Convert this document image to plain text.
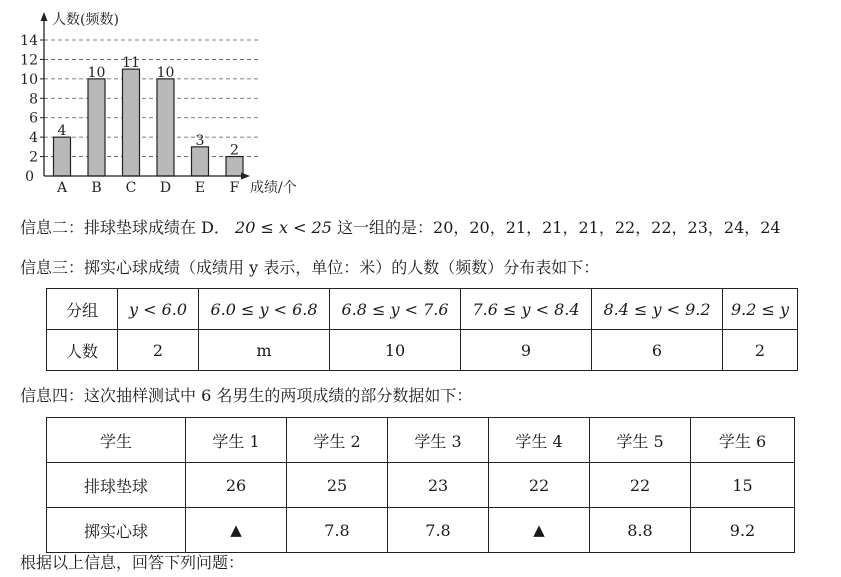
4
A
10
B
11
C
10
D
3
E
2
F
0
2
4
6
8
10
12
14
人数(频数)
成绩/个
信息二：排球垫球成绩在 D． 20 ≤ x < 25 这一组的是：20，20，21，21，21，22，22，23，24，24
信息三：掷实心球成绩（成绩用 y 表示，单位：米）的人数（频数）分布表如下：
分组	y < 6.0	6.0 ≤ y < 6.8	6.8 ≤ y < 7.6	7.6 ≤ y < 8.4	8.4 ≤ y < 9.2	9.2 ≤ y
人数	2	m	10	9	6	2
信息四：这次抽样测试中 6 名男生的两项成绩的部分数据如下：
学生	学生 1	学生 2	学生 3	学生 4	学生 5	学生 6
排球垫球	26	25	23	22	22	15
掷实心球	▲	7.8	7.8	▲	8.8	9.2
根据以上信息，回答下列问题：
